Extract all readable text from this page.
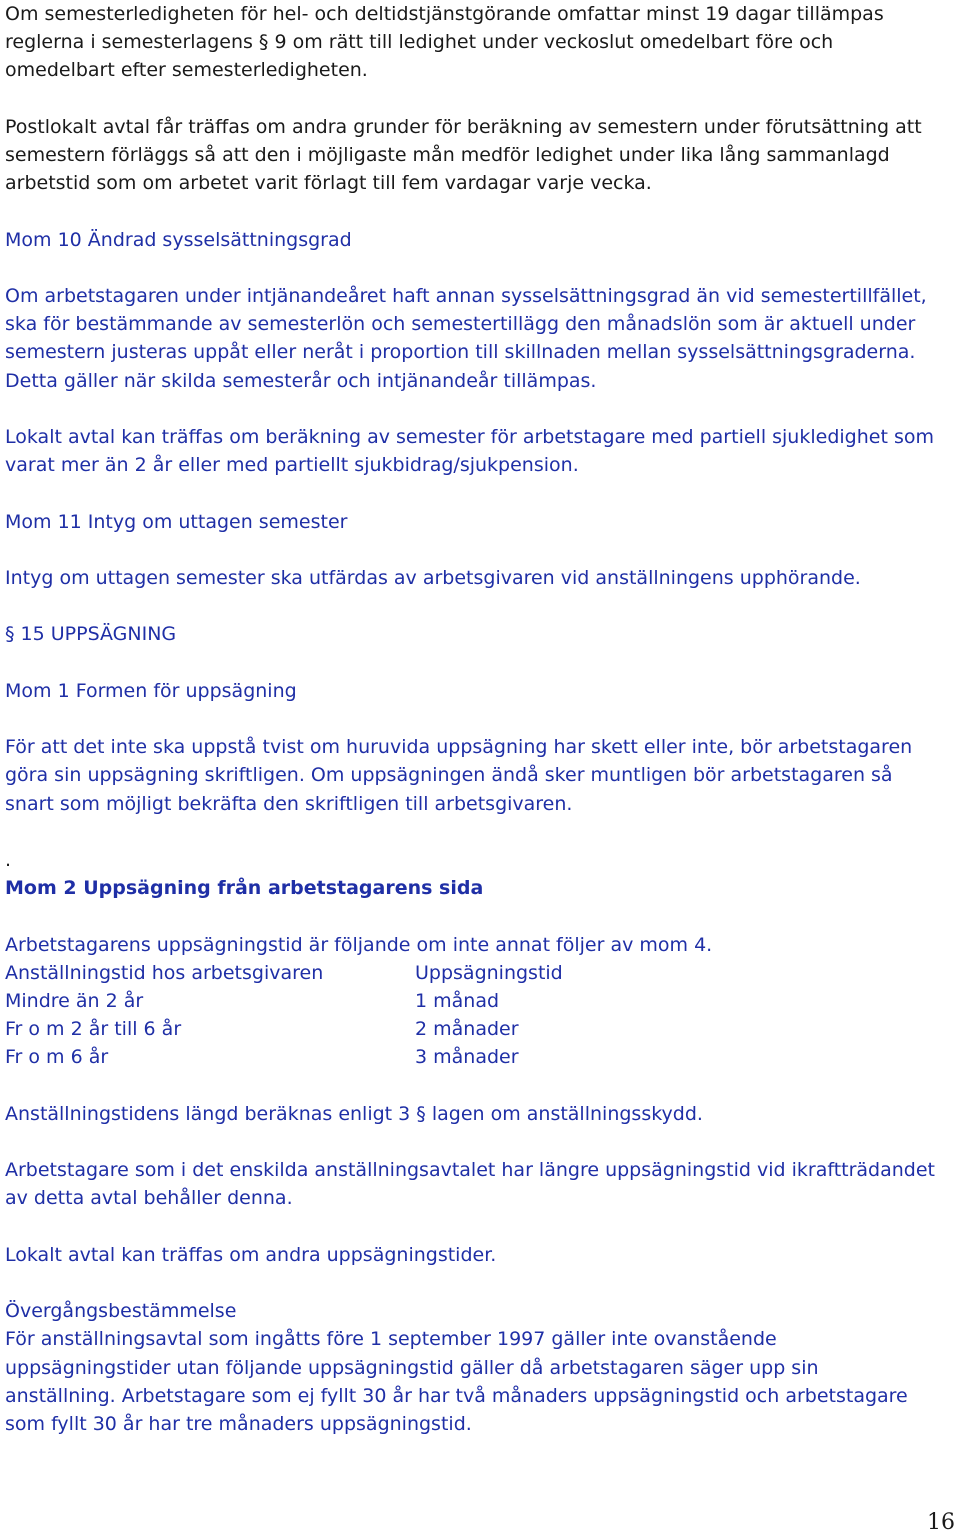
Om semesterledigheten för hel- och deltidstjänstgörande omfattar minst 19 dagar tillämpas
reglerna i semesterlagens § 9 om rätt till ledighet under veckoslut omedelbart före och
omedelbart efter semesterledigheten.
Postlokalt avtal får träffas om andra grunder för beräkning av semestern under förutsättning att
semestern förläggs så att den i möjligaste mån medför ledighet under lika lång sammanlagd
arbetstid som om arbetet varit förlagt till fem vardagar varje vecka.
Mom 10 Ändrad sysselsättningsgrad
Om arbetstagaren under intjänandeåret haft annan sysselsättningsgrad än vid semestertillfället,
ska för bestämmande av semesterlön och semestertillägg den månadslön som är aktuell under
semestern justeras uppåt eller neråt i proportion till skillnaden mellan sysselsättningsgraderna.
Detta gäller när skilda semesterår och intjänandeår tillämpas.
Lokalt avtal kan träffas om beräkning av semester för arbetstagare med partiell sjukledighet som
varat mer än 2 år eller med partiellt sjukbidrag/sjukpension.
Mom 11 Intyg om uttagen semester
Intyg om uttagen semester ska utfärdas av arbetsgivaren vid anställningens upphörande.
§ 15 UPPSÄGNING
Mom 1 Formen för uppsägning
För att det inte ska uppstå tvist om huruvida uppsägning har skett eller inte, bör arbetstagaren
göra sin uppsägning skriftligen. Om uppsägningen ändå sker muntligen bör arbetstagaren så
snart som möjligt bekräfta den skriftligen till arbetsgivaren.
.
Mom 2 Uppsägning från arbetstagarens sida
Arbetstagarens uppsägningstid är följande om inte annat följer av mom 4.
Anställningstid hos arbetsgivaren	Uppsägningstid
Mindre än 2 år	1 månad
Fr o m 2 år till 6 år	2 månader
Fr o m 6 år	3 månader
Anställningstidens längd beräknas enligt 3 § lagen om anställningsskydd.
Arbetstagare som i det enskilda anställningsavtalet har längre uppsägningstid vid ikraftträdandet
av detta avtal behåller denna.
Lokalt avtal kan träffas om andra uppsägningstider.
Övergångsbestämmelse
För anställningsavtal som ingåtts före 1 september 1997 gäller inte ovanstående
uppsägningstider utan följande uppsägningstid gäller då arbetstagaren säger upp sin
anställning. Arbetstagare som ej fyllt 30 år har två månaders uppsägningstid och arbetstagare
som fyllt 30 år har tre månaders uppsägningstid.
16
